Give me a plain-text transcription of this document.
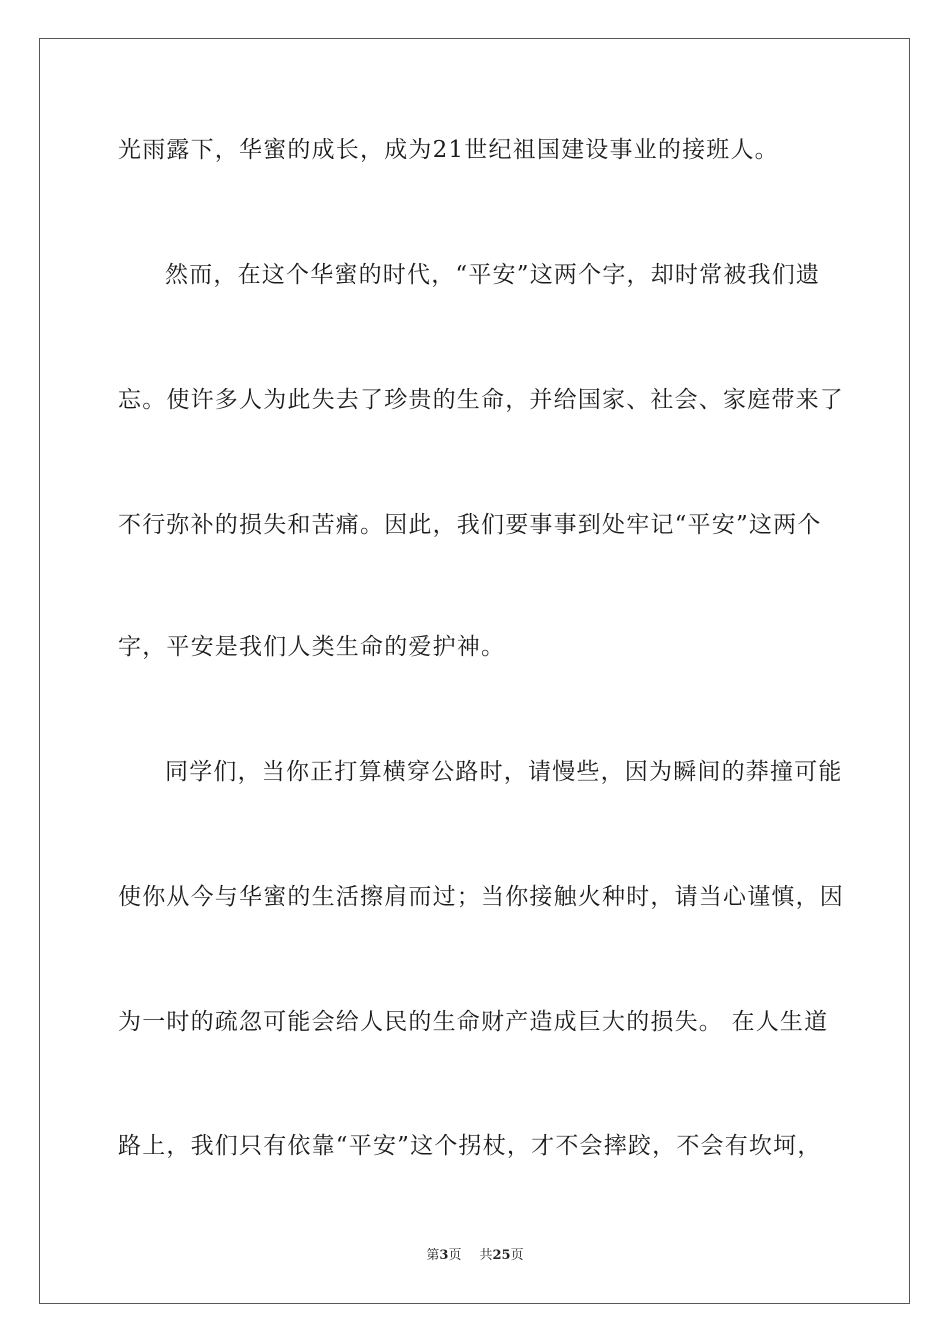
光雨露下，华蜜的成长，成为21世纪祖国建设事业的接班人。
然而，在这个华蜜的时代，“平安”这两个字，却时常被我们遗
忘。使许多人为此失去了珍贵的生命，并给国家、社会、家庭带来了
不行弥补的损失和苦痛。因此，我们要事事到处牢记“平安”这两个
字，平安是我们人类生命的爱护神。
同学们，当你正打算横穿公路时，请慢些，因为瞬间的莽撞可能
使你从今与华蜜的生活擦肩而过；当你接触火种时，请当心谨慎，因
为一时的疏忽可能会给人民的生命财产造成巨大的损失。 在人生道
路上，我们只有依靠“平安”这个拐杖，才不会摔跤，不会有坎坷，
第3页 共25页
